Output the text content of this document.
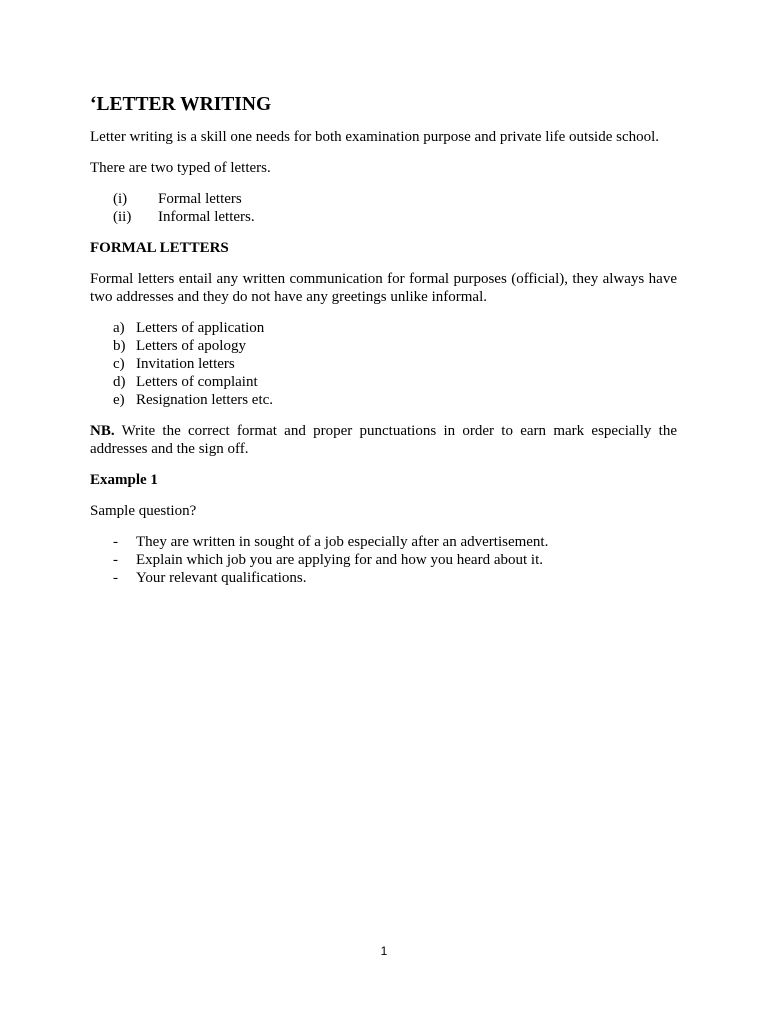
‘LETTER WRITING

Letter writing is a skill one needs for both examination purpose and private life outside school.

There are two typed of letters.

(i)	Formal letters
(ii)	Informal letters.
FORMAL LETTERS

Formal letters entail any written communication for formal purposes (official), they always have two addresses and they do not have any greetings unlike informal.

a) Letters of application
b) Letters of apology
c) Invitation letters
d) Letters of complaint
e) Resignation letters etc.

NB. Write the correct format and proper punctuations in order to earn mark especially the addresses and the sign off.

Example 1

Sample question?

-	They are written in sought of a job especially after an advertisement.
-	Explain which job you are applying for and how you heard about it.
-	Your relevant qualifications.
1
